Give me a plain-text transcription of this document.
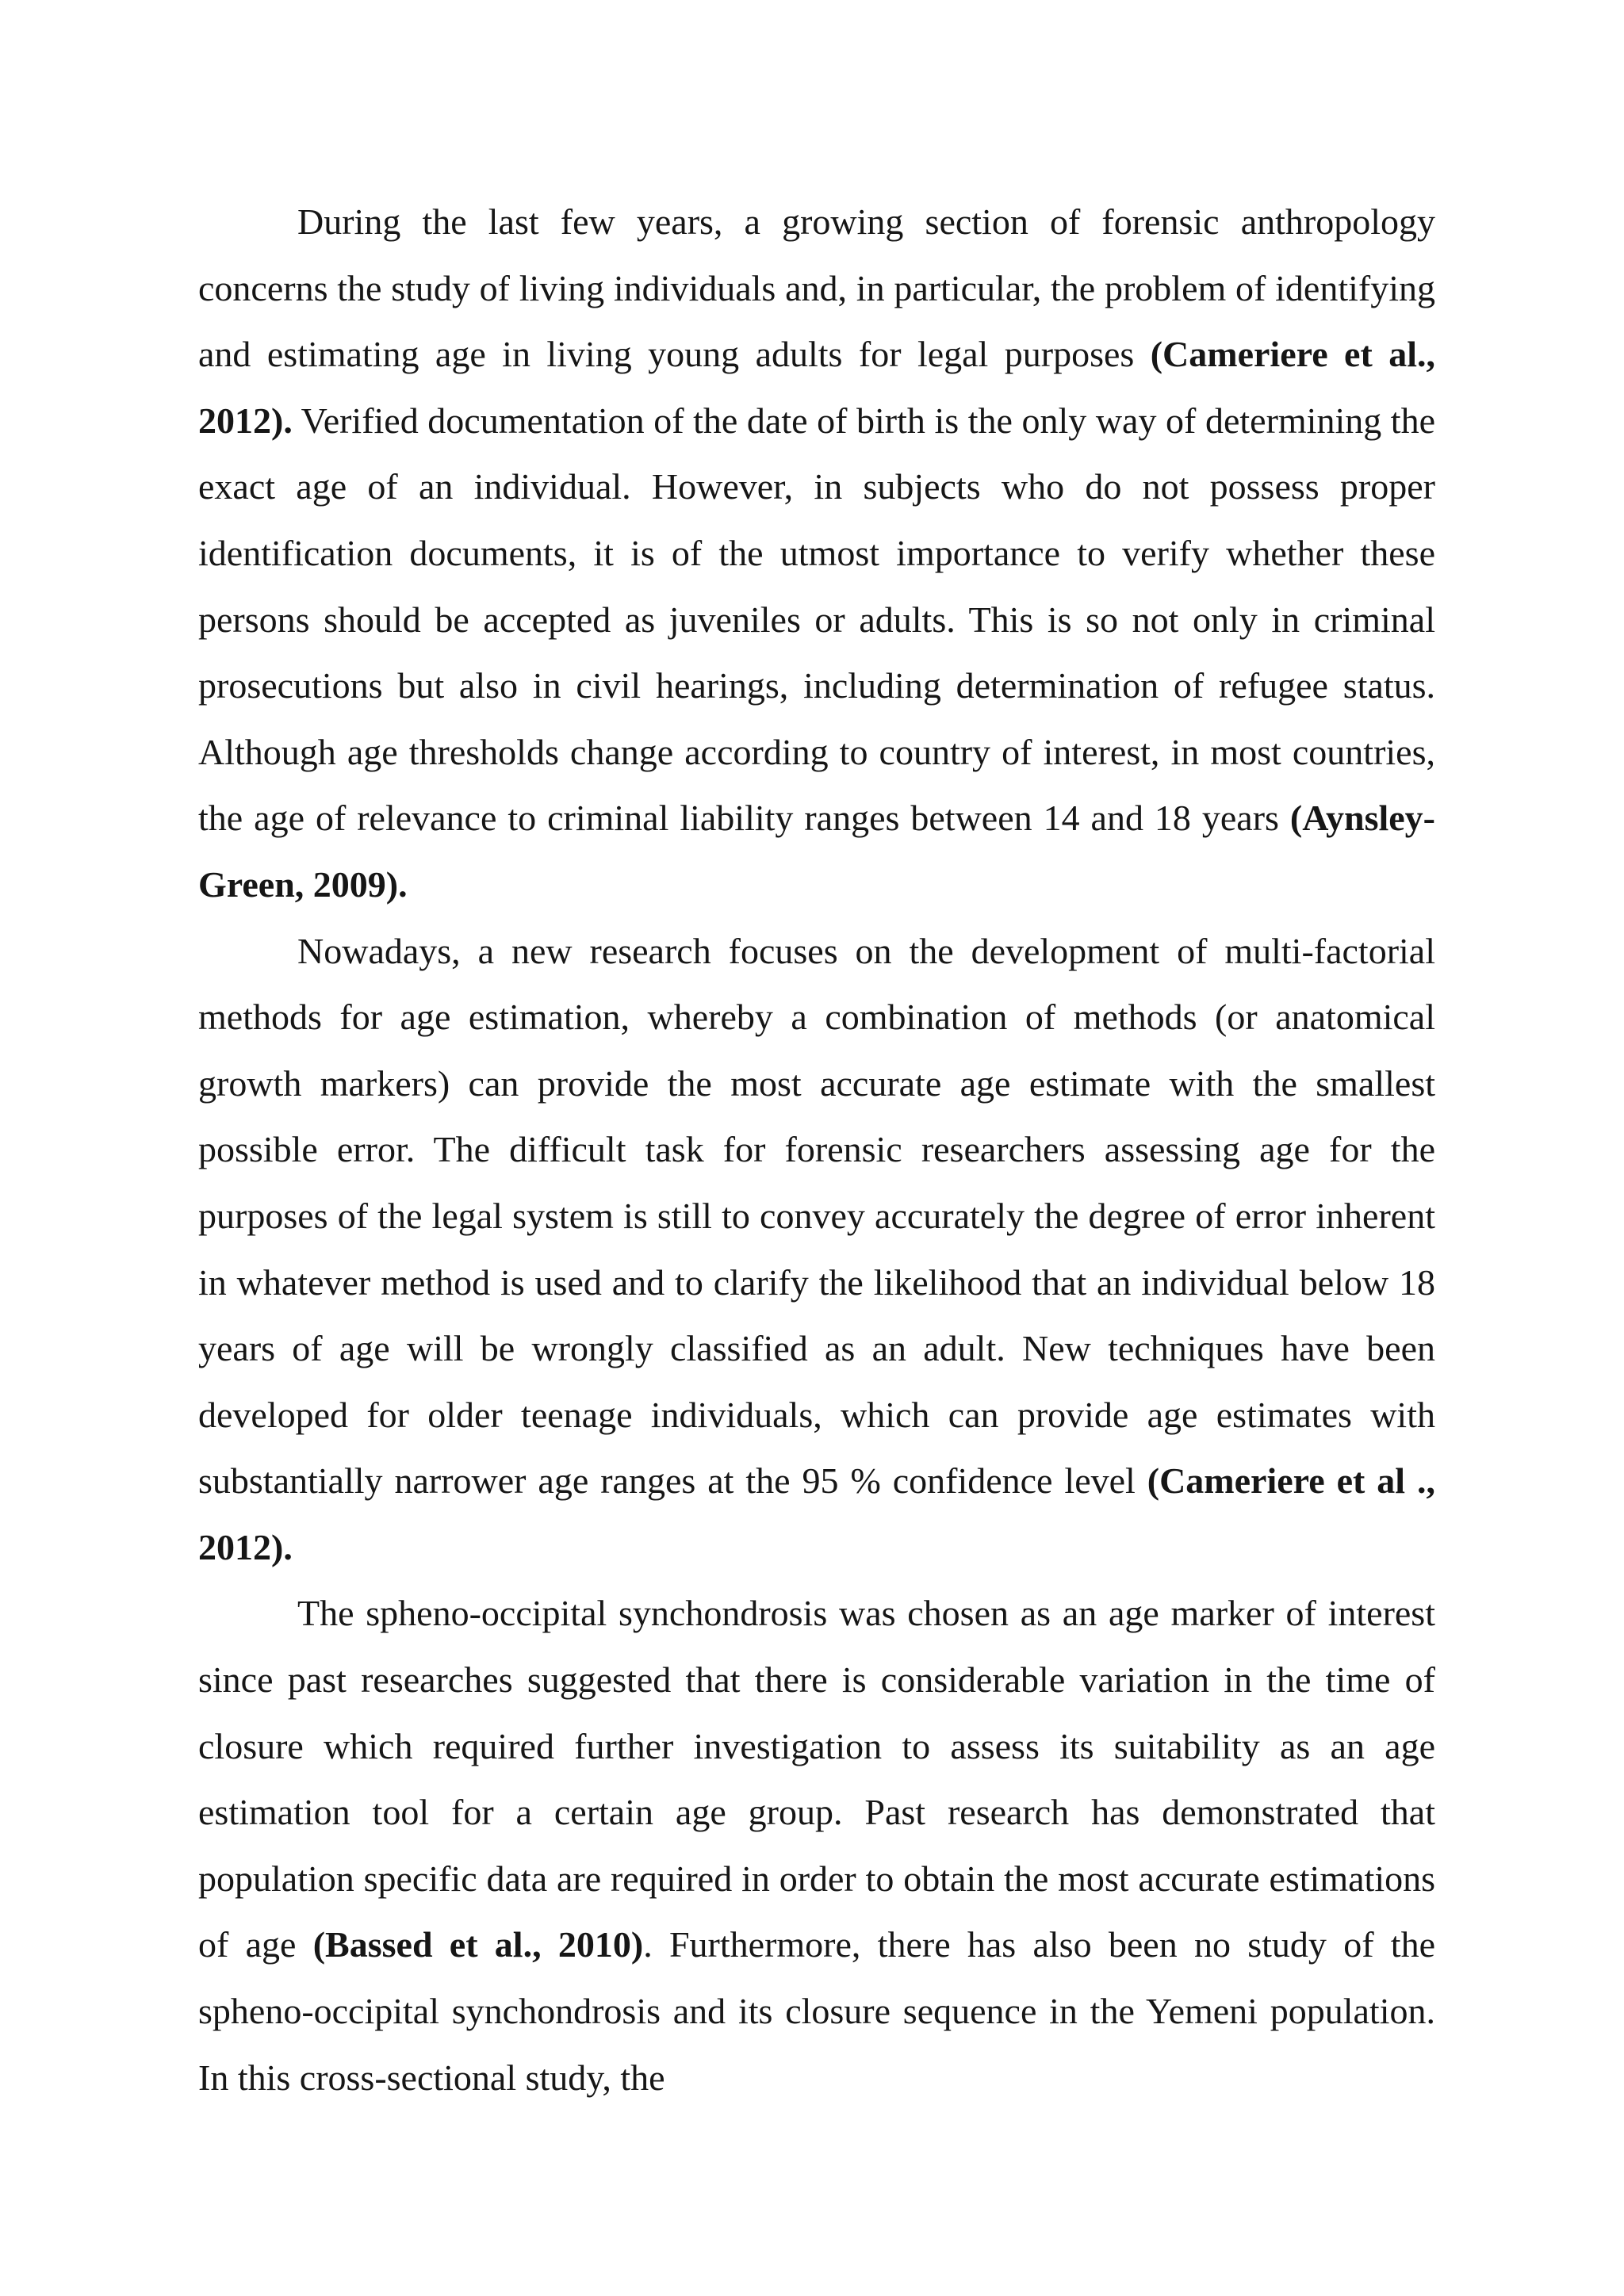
During the last few years, a growing section of forensic anthropology concerns the study of living individuals and, in particular, the problem of identifying and estimating age in living young adults for legal purposes (Cameriere et al., 2012). Verified documentation of the date of birth is the only way of determining the exact age of an individual. However, in subjects who do not possess proper identification documents, it is of the utmost importance to verify whether these persons should be accepted as juveniles or adults. This is so not only in criminal prosecutions but also in civil hearings, including determination of refugee status. Although age thresholds change according to country of interest, in most countries, the age of relevance to criminal liability ranges between 14 and 18 years (Aynsley-Green, 2009).

Nowadays, a new research focuses on the development of multi-factorial methods for age estimation, whereby a combination of methods (or anatomical growth markers) can provide the most accurate age estimate with the smallest possible error. The difficult task for forensic researchers assessing age for the purposes of the legal system is still to convey accurately the degree of error inherent in whatever method is used and to clarify the likelihood that an individual below 18 years of age will be wrongly classified as an adult. New techniques have been developed for older teenage individuals, which can provide age estimates with substantially narrower age ranges at the 95 % confidence level (Cameriere et al ., 2012).

The spheno-occipital synchondrosis was chosen as an age marker of interest since past researches suggested that there is considerable variation in the time of closure which required further investigation to assess its suitability as an age estimation tool for a certain age group. Past research has demonstrated that population specific data are required in order to obtain the most accurate estimations of age (Bassed et al., 2010). Furthermore, there has also been no study of the spheno-occipital synchondrosis and its closure sequence in the Yemeni population. In this cross-sectional study, the
